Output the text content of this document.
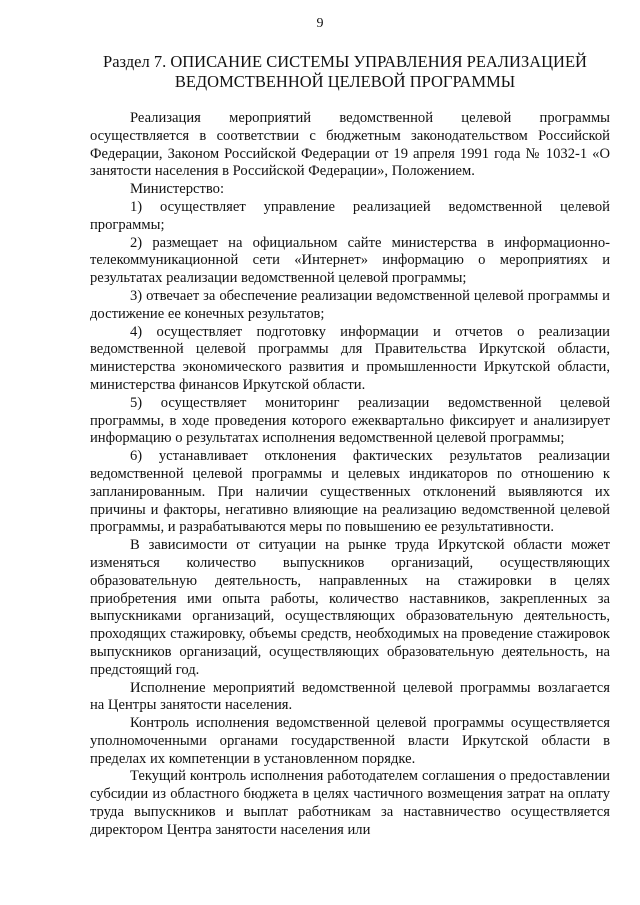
9
Раздел 7. ОПИСАНИЕ СИСТЕМЫ УПРАВЛЕНИЯ РЕАЛИЗАЦИЕЙ
ВЕДОМСТВЕННОЙ ЦЕЛЕВОЙ ПРОГРАММЫ

Реализация мероприятий ведомственной целевой программы осуществляется в соответствии с бюджетным законодательством Российской Федерации, Законом Российской Федерации от 19 апреля 1991 года № 1032-1 «О занятости населения в Российской Федерации», Положением.

Министерство:

1) осуществляет управление реализацией ведомственной целевой программы;

2) размещает на официальном сайте министерства в информационно-телекоммуникационной сети «Интернет» информацию о мероприятиях и результатах реализации ведомственной целевой программы;

3) отвечает за обеспечение реализации ведомственной целевой программы и достижение ее конечных результатов;

4) осуществляет подготовку информации и отчетов о реализации ведомственной целевой программы для Правительства Иркутской области, министерства экономического развития и промышленности Иркутской области, министерства финансов Иркутской области.

5) осуществляет мониторинг реализации ведомственной целевой программы, в ходе проведения которого ежеквартально фиксирует и анализирует информацию о результатах исполнения ведомственной целевой программы;

6) устанавливает отклонения фактических результатов реализации ведомственной целевой программы и целевых индикаторов по отношению к запланированным. При наличии существенных отклонений выявляются их причины и факторы, негативно влияющие на реализацию ведомственной целевой программы, и разрабатываются меры по повышению ее результативности.

В зависимости от ситуации на рынке труда Иркутской области может изменяться количество выпускников организаций, осуществляющих образовательную деятельность, направленных на стажировки в целях приобретения ими опыта работы, количество наставников, закрепленных за выпускниками организаций, осуществляющих образовательную деятельность, проходящих стажировку, объемы средств, необходимых на проведение стажировок выпускников организаций, осуществляющих образовательную деятельность, на предстоящий год.

Исполнение мероприятий ведомственной целевой программы возлагается на Центры занятости населения.

Контроль исполнения ведомственной целевой программы осуществляется уполномоченными органами государственной власти Иркутской области в пределах их компетенции в установленном порядке.

Текущий контроль исполнения работодателем соглашения о предоставлении субсидии из областного бюджета в целях частичного возмещения затрат на оплату труда выпускников и выплат работникам за наставничество осуществляется директором Центра занятости населения или
